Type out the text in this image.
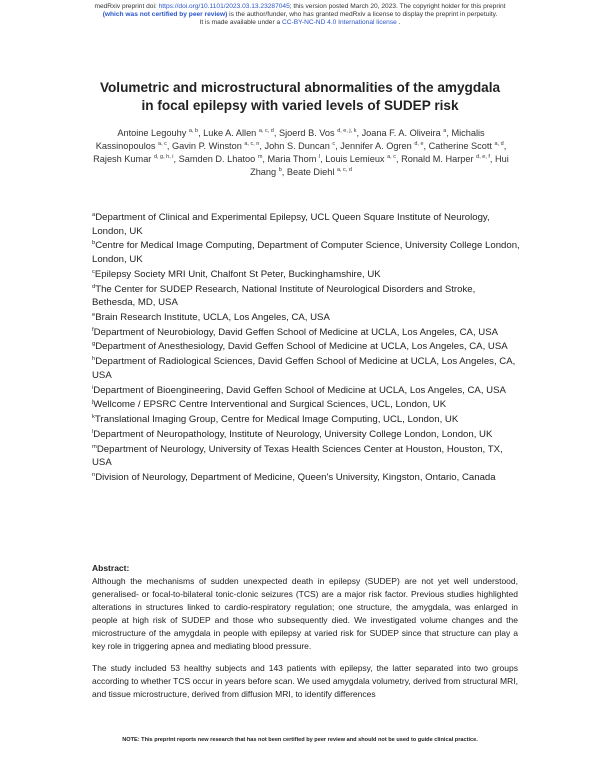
medRxiv preprint doi: https://doi.org/10.1101/2023.03.13.23287045; this version posted March 20, 2023. The copyright holder for this preprint
(which was not certified by peer review) is the author/funder, who has granted medRxiv a license to display the preprint in perpetuity.
It is made available under a CC-BY-NC-ND 4.0 International license .
Volumetric and microstructural abnormalities of the amygdala
in focal epilepsy with varied levels of SUDEP risk
Antoine Legouhy $^{a, b}$, Luke A. Allen $^{a, c, d}$, Sjoerd B. Vos $^{d, e, j, k}$, Joana F. A. Oliveira $^a$, Michalis Kassinopoulos $^{a, c}$, Gavin P. Winston $^{a, c, n}$, John S. Duncan $^c$, Jennifer A. Ogren $^{d, e}$, Catherine Scott $^{a, d}$, Rajesh Kumar $^{d, g, h, i}$, Samden D. Lhatoo $^m$, Maria Thom $^l$, Louis Lemieux $^{a, c}$, Ronald M. Harper $^{d, e, f}$, Hui Zhang $^b$, Beate Diehl $^{a, c, d}$
$^a$Department of Clinical and Experimental Epilepsy, UCL Queen Square Institute of Neurology, London, UK
$^b$Centre for Medical Image Computing, Department of Computer Science, University College London, London, UK
$^c$Epilepsy Society MRI Unit, Chalfont St Peter, Buckinghamshire, UK
$^d$The Center for SUDEP Research, National Institute of Neurological Disorders and Stroke, Bethesda, MD, USA
$^e$Brain Research Institute, UCLA, Los Angeles, CA, USA
$^f$Department of Neurobiology, David Geffen School of Medicine at UCLA, Los Angeles, CA, USA
$^g$Department of Anesthesiology, David Geffen School of Medicine at UCLA, Los Angeles, CA, USA
$^h$Department of Radiological Sciences, David Geffen School of Medicine at UCLA, Los Angeles, CA, USA
$^i$Department of Bioengineering, David Geffen School of Medicine at UCLA, Los Angeles, CA, USA
$^j$Wellcome / EPSRC Centre Interventional and Surgical Sciences, UCL, London, UK
$^k$Translational Imaging Group, Centre for Medical Image Computing, UCL, London, UK
$^l$Department of Neuropathology, Institute of Neurology, University College London, London, UK
$^m$Department of Neurology, University of Texas Health Sciences Center at Houston, Houston, TX, USA
$^n$Division of Neurology, Department of Medicine, Queen's University, Kingston, Ontario, Canada
Abstract:

Although the mechanisms of sudden unexpected death in epilepsy (SUDEP) are not yet well understood, generalised- or focal-to-bilateral tonic-clonic seizures (TCS) are a major risk factor. Previous studies highlighted alterations in structures linked to cardio-respiratory regulation; one structure, the amygdala, was enlarged in people at high risk of SUDEP and those who subsequently died. We investigated volume changes and the microstructure of the amygdala in people with epilepsy at varied risk for SUDEP since that structure can play a key role in triggering apnea and mediating blood pressure.

The study included 53 healthy subjects and 143 patients with epilepsy, the latter separated into two groups according to whether TCS occur in years before scan. We used amygdala volumetry, derived from structural MRI, and tissue microstructure, derived from diffusion MRI, to identify differences

NOTE: This preprint reports new research that has not been certified by peer review and should not be used to guide clinical practice.
